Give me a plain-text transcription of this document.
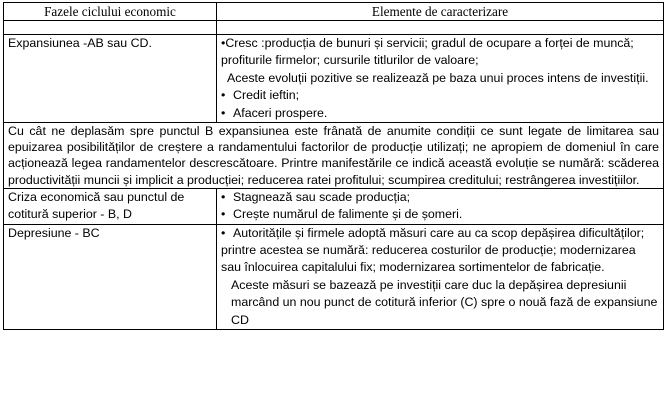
Fazele ciclului economic	Elemente de caracterizare

Expansiunea -AB sau CD.	•Cresc :producția de bunuri și servicii; gradul de ocupare a forței de muncă; profiturile firmelor; cursurile titlurilor de valoare;
Aceste evoluții pozitive se realizează pe baza unui proces intens de investiții.
• Credit ieftin;
• Afaceri prospere.

Cu cât ne deplasăm spre punctul B expansiunea este frânată de anumite condiții ce sunt legate de limitarea sau epuizarea posibilităților de creștere a randamentului factorilor de producție utilizați; ne apropiem de domeniul în care acționează legea randamentelor descrescătoare. Printre manifestările ce indică această evoluție se numără: scăderea productivității muncii și implicit a producției; reducerea ratei profitului; scumpirea creditului; restrângerea investițiilor.	
Criza economică sau punctul de cotitură superior - B, D	• Stagnează sau scade producția;
• Crește numărul de falimente și de șomeri.

Depresiune - BC	• Autoritățile și firmele adoptă măsuri care au ca scop depășirea dificultăților; printre acestea se numără: reducerea costurilor de producție; modernizarea sau înlocuirea capitalului fix; modernizarea sortimentelor de fabricație.
Aceste măsuri se bazează pe investiții care duc la depășirea depresiunii marcând un nou punct de cotitură inferior (C) spre o nouă fază de expansiune CD
